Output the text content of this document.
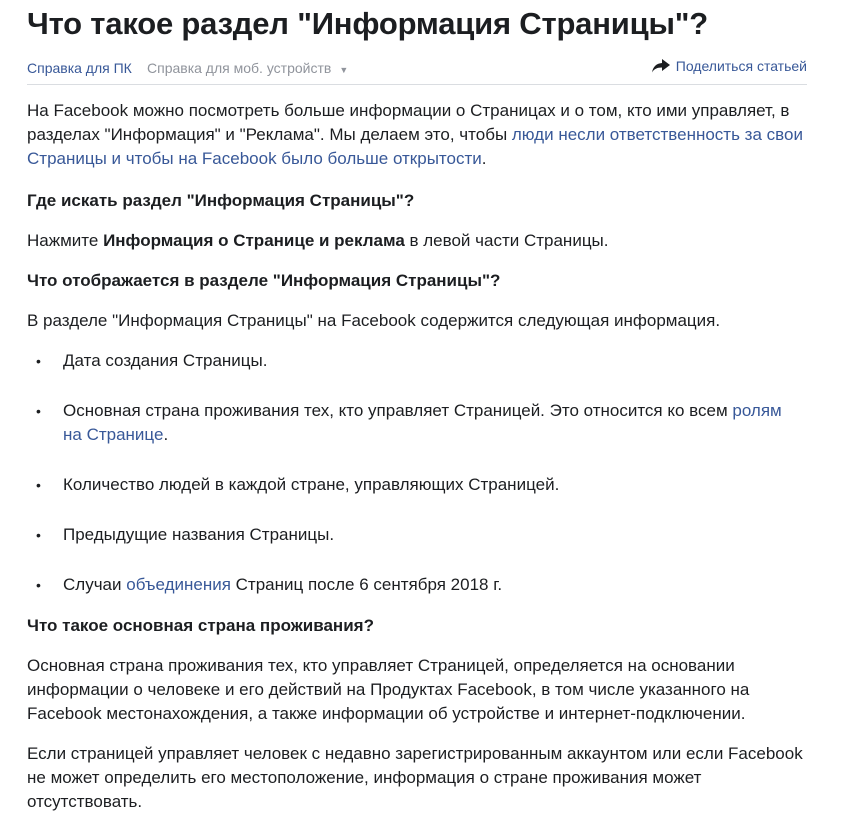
Что такое раздел "Информация Страницы"?
Справка для ПК Справка для моб. устройств ▼	Поделиться статьей

На Facebook можно посмотреть больше информации о Страницах и о том, кто ими управляет, в разделах "Информация" и "Реклама". Мы делаем это, чтобы люди несли ответственность за свои Страницы и чтобы на Facebook было больше открытости.

Где искать раздел "Информация Страницы"?

Нажмите Информация о Странице и реклама в левой части Страницы.

Что отображается в разделе "Информация Страницы"?

В разделе "Информация Страницы" на Facebook содержится следующая информация.

• Дата создания Страницы.
• Основная страна проживания тех, кто управляет Страницей. Это относится ко всем ролям на Странице.
• Количество людей в каждой стране, управляющих Страницей.
• Предыдущие названия Страницы.
• Случаи объединения Страниц после 6 сентября 2018 г.
Что такое основная страна проживания?

Основная страна проживания тех, кто управляет Страницей, определяется на основании информации о человеке и его действий на Продуктах Facebook, в том числе указанного на Facebook местонахождения, а также информации об устройстве и интернет-подключении.

Если страницей управляет человек с недавно зарегистрированным аккаунтом или если Facebook не может определить его местоположение, информация о стране проживания может отсутствовать.
